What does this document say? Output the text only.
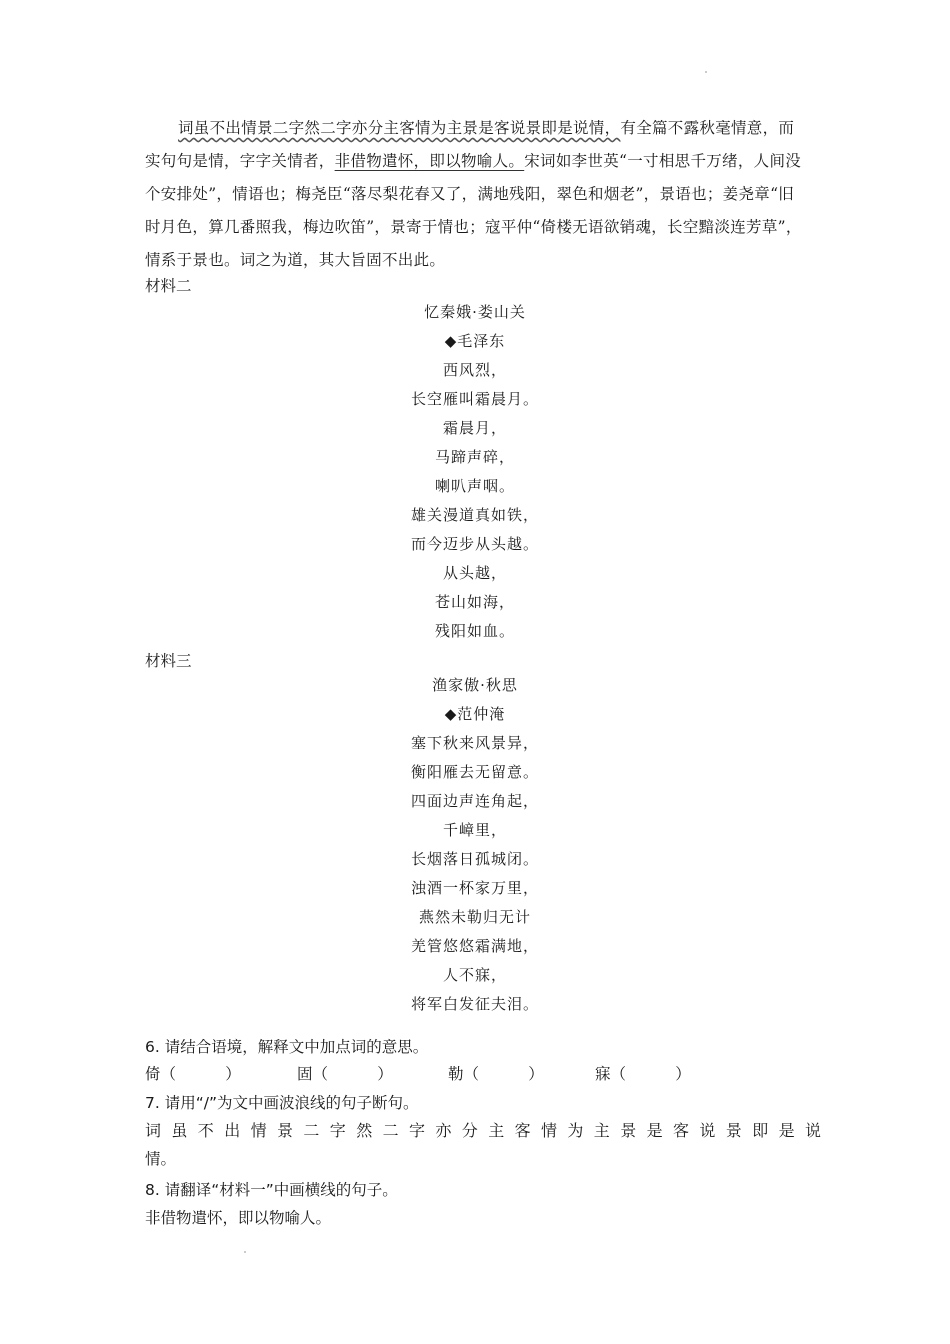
词虽不出情景二字然二字亦分主客情为主景是客说景即是说情，有全篇不露秋毫情意，而实句句是情，字字关情者，非借物遣怀，即以物喻人。宋词如李世英“一寸相思千万绪，人间没个安排处”，情语也；梅尧臣“落尽梨花春又了，满地残阳，翠色和烟老”，景语也；姜尧章“旧时月色，算几番照我，梅边吹笛”，景寄于情也；寇平仲“倚楼无语欲销魂，长空黯淡连芳草”，情系于景也。词之为道，其大旨固不出此。
材料二
忆秦娥·娄山关
◆毛泽东
西风烈，
长空雁叫霜晨月。
霜晨月，
马蹄声碎，
喇叭声咽。
雄关漫道真如铁，
而今迈步从头越。
从头越，
苍山如海，
残阳如血。
材料三
渔家傲·秋思
◆范仲淹
塞下秋来风景异，
衡阳雁去无留意。
四面边声连角起，
千嶂里，
长烟落日孤城闭。
浊酒一杯家万里，
燕然未勒归无计
羌管悠悠霜满地，
人不寐，
将军白发征夫泪。
6. 请结合语境，解释文中加点词的意思。
倚（          ）	固（          ）	勒（          ）	寐（          ）
7. 请用“/”为文中画波浪线的句子断句。
词虽不出情景二字然二字亦分主客情为主景是客说景即是说
情。
8. 请翻译“材料一”中画横线的句子。
非借物遣怀，即以物喻人。
